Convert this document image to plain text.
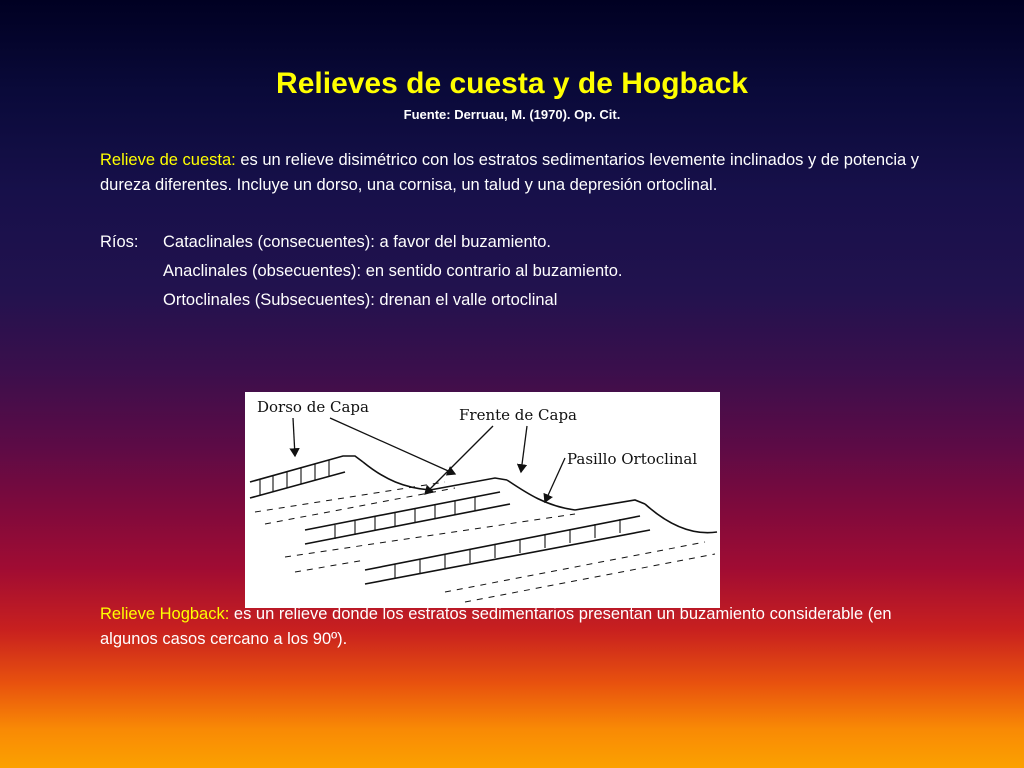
Relieves de cuesta y de Hogback
Fuente: Derruau, M. (1970). Op. Cit.

Relieve de cuesta: es un relieve disimétrico con los estratos sedimentarios levemente inclinados y de potencia y dureza diferentes. Incluye un dorso, una cornisa, un talud y una depresión ortoclinal.

Ríos: Cataclinales (consecuentes): a favor del buzamiento.
Anaclinales (obsecuentes): en sentido contrario al buzamiento.
Ortoclinales (Subsecuentes): drenan el valle ortoclinal
Dorso de Capa	Frente de Capa
Pasillo Ortoclinal

Relieve Hogback: es un relieve donde los estratos sedimentarios presentan un buzamiento considerable (en algunos casos cercano a los 90º).
